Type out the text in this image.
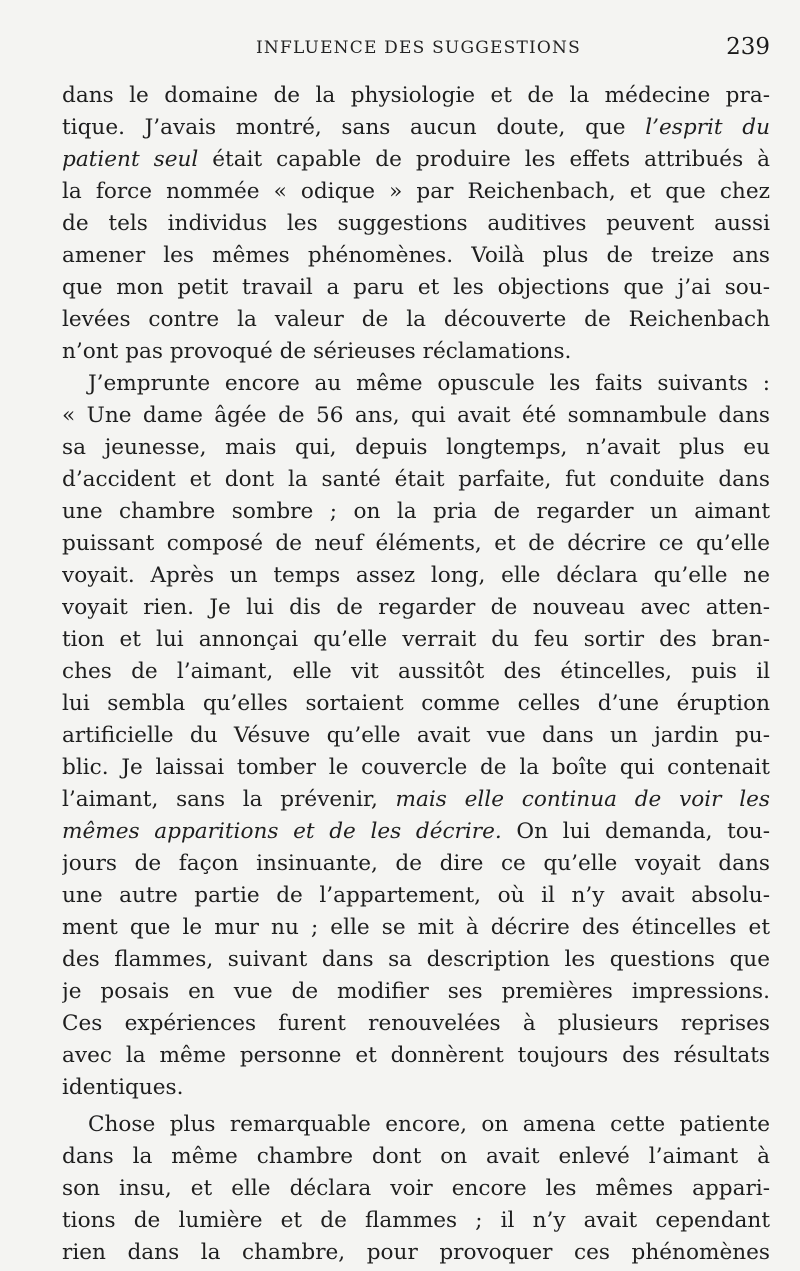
INFLUENCE DES SUGGESTIONS	239
dans le domaine de la physiologie et de la médecine pra-
tique. J’avais montré, sans aucun doute, que l’esprit du
patient seul était capable de produire les effets attribués à
la force nommée « odique » par Reichenbach, et que chez
de tels individus les suggestions auditives peuvent aussi
amener les mêmes phénomènes. Voilà plus de treize ans
que mon petit travail a paru et les objections que j’ai sou-
levées contre la valeur de la découverte de Reichenbach
n’ont pas provoqué de sérieuses réclamations.
J’emprunte encore au même opuscule les faits suivants :
« Une dame âgée de 56 ans, qui avait été somnambule dans
sa jeunesse, mais qui, depuis longtemps, n’avait plus eu
d’accident et dont la santé était parfaite, fut conduite dans
une chambre sombre ; on la pria de regarder un aimant
puissant composé de neuf éléments, et de décrire ce qu’elle
voyait. Après un temps assez long, elle déclara qu’elle ne
voyait rien. Je lui dis de regarder de nouveau avec atten-
tion et lui annonçai qu’elle verrait du feu sortir des bran-
ches de l’aimant, elle vit aussitôt des étincelles, puis il
lui sembla qu’elles sortaient comme celles d’une éruption
artificielle du Vésuve qu’elle avait vue dans un jardin pu-
blic. Je laissai tomber le couvercle de la boîte qui contenait
l’aimant, sans la prévenir, mais elle continua de voir les
mêmes apparitions et de les décrire. On lui demanda, tou-
jours de façon insinuante, de dire ce qu’elle voyait dans
une autre partie de l’appartement, où il n’y avait absolu-
ment que le mur nu ; elle se mit à décrire des étincelles et
des flammes, suivant dans sa description les questions que
je posais en vue de modifier ses premières impressions.
Ces expériences furent renouvelées à plusieurs reprises
avec la même personne et donnèrent toujours des résultats
identiques.
Chose plus remarquable encore, on amena cette patiente
dans la même chambre dont on avait enlevé l’aimant à
son insu, et elle déclara voir encore les mêmes appari-
tions de lumière et de flammes ; il n’y avait cependant
rien dans la chambre, pour provoquer ces phénomènes
